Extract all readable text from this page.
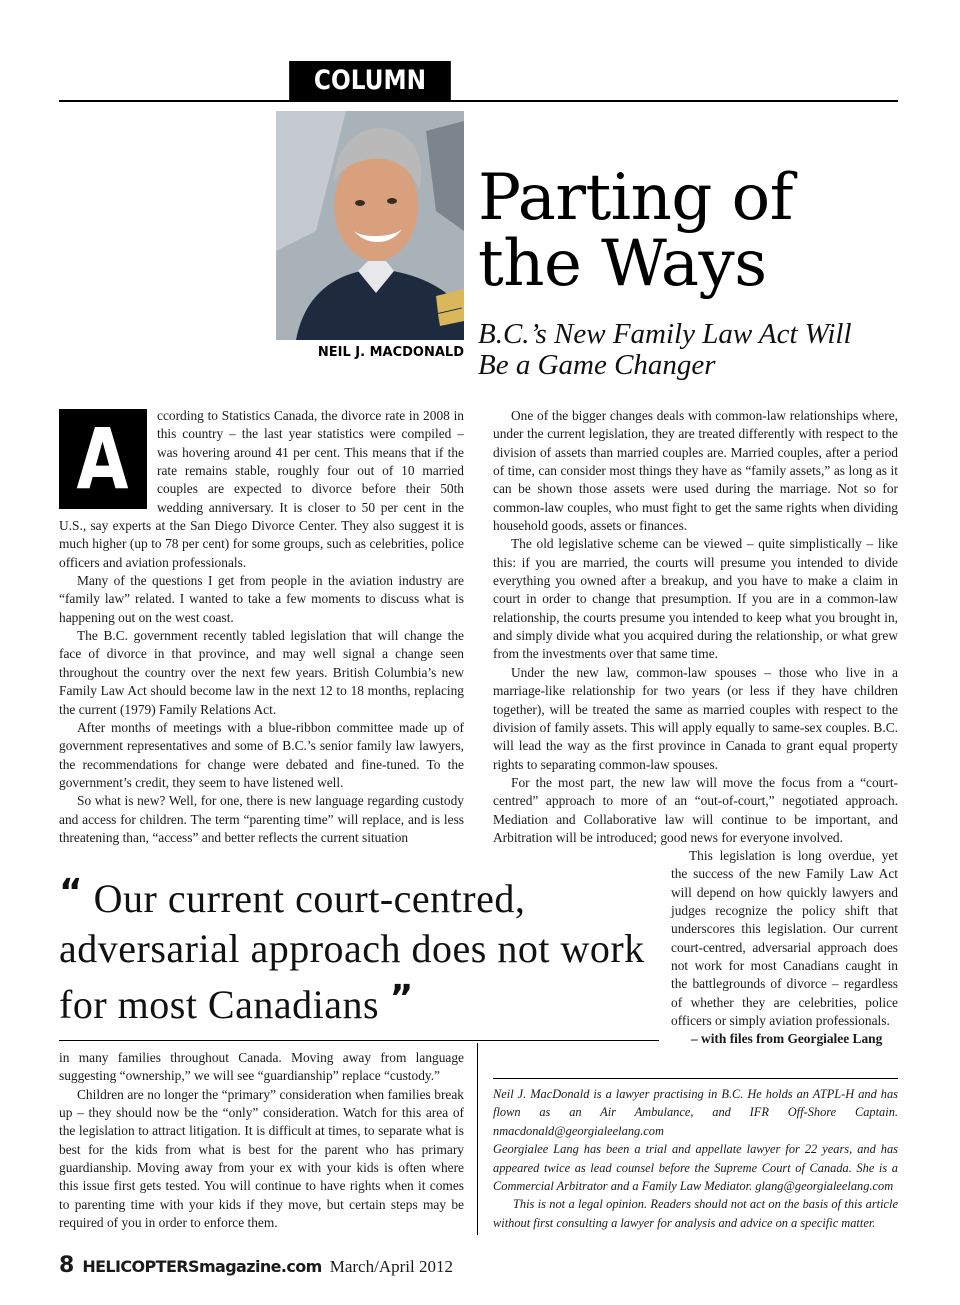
COLUMN
NEIL J. MACDONALD
Parting of
the Ways
B.C.’s New Family Law Act Will
Be a Game Changer
A	ccording to Statistics Canada, the divorce rate in 2008 in this country – the last year statistics were compiled – was hovering around 41 per cent. This means that if the rate remains stable, roughly four out of 10 married couples are expected to divorce before their 50th wedding anniversary. It is closer to 50 per cent in the U.S., say experts at the San Diego Divorce Center. They also suggest it is much higher (up to 78 per cent) for some groups, such as celebrities, police officers and aviation professionals.

Many of the questions I get from people in the aviation industry are “family law” related. I wanted to take a few moments to discuss what is happening out on the west coast.

The B.C. government recently tabled legislation that will change the face of divorce in that province, and may well signal a change seen throughout the country over the next few years. British Columbia’s new Family Law Act should become law in the next 12 to 18 months, replacing the current (1979) Family Relations Act.

After months of meetings with a blue-ribbon committee made up of government representatives and some of B.C.’s senior family law lawyers, the recommendations for change were debated and fine-tuned. To the government’s credit, they seem to have listened well.

So what is new? Well, for one, there is new language regarding custody and access for children. The term “parenting time” will replace, and is less threatening than, “access” and better reflects the current situation

One of the bigger changes deals with common-law relationships where, under the current legislation, they are treated differently with respect to the division of assets than married couples are. Married couples, after a period of time, can consider most things they have as “family assets,” as long as it can be shown those assets were used during the marriage. Not so for common-law couples, who must fight to get the same rights when dividing household goods, assets or finances.

The old legislative scheme can be viewed – quite simplistically – like this: if you are married, the courts will presume you intended to divide everything you owned after a breakup, and you have to make a claim in court in order to change that presumption. If you are in a common-law relationship, the courts presume you intended to keep what you brought in, and simply divide what you acquired during the relationship, or what grew from the investments over that same time.

Under the new law, common-law spouses – those who live in a marriage-like relationship for two years (or less if they have children together), will be treated the same as married couples with respect to the division of family assets. This will apply equally to same-sex couples. B.C. will lead the way as the first province in Canada to grant equal property rights to separating common-law spouses.

For the most part, the new law will move the focus from a “court-centred” approach to more of an “out-of-court,” negotiated approach. Mediation and Collaborative law will continue to be important, and Arbitration will be introduced; good news for everyone involved.

This legislation is long overdue, yet the success of the new Family Law Act will depend on how quickly lawyers and judges recognize the policy shift that underscores this legislation. Our current court-centred, adversarial approach does not work for most Canadians caught in the battlegrounds of divorce – regardless of whether they are celebrities, police officers or simply aviation professionals.

– with files from Georgialee Lang

“ Our current court-centred, adversarial approach does not work for most Canadians ”

in many families throughout Canada. Moving away from language suggesting “ownership,” we will see “guardianship” replace “custody.”

Children are no longer the “primary” consideration when families break up – they should now be the “only” consideration. Watch for this area of the legislation to attract litigation. It is difficult at times, to separate what is best for the kids from what is best for the parent who has primary guardianship. Moving away from your ex with your kids is often where this issue first gets tested. You will continue to have rights when it comes to parenting time with your kids if they move, but certain steps may be required of you in order to enforce them.

Neil J. MacDonald is a lawyer practising in B.C. He holds an ATPL-H and has flown as an Air Ambulance, and IFR Off-Shore Captain. nmacdonald@georgialeelang.com

Georgialee Lang has been a trial and appellate lawyer for 22 years, and has appeared twice as lead counsel before the Supreme Court of Canada. She is a Commercial Arbitrator and a Family Law Mediator. glang@georgialeelang.com

This is not a legal opinion. Readers should not act on the basis of this article without first consulting a lawyer for analysis and advice on a specific matter.

8 HELICOPTERSmagazine.com March/April 2012
